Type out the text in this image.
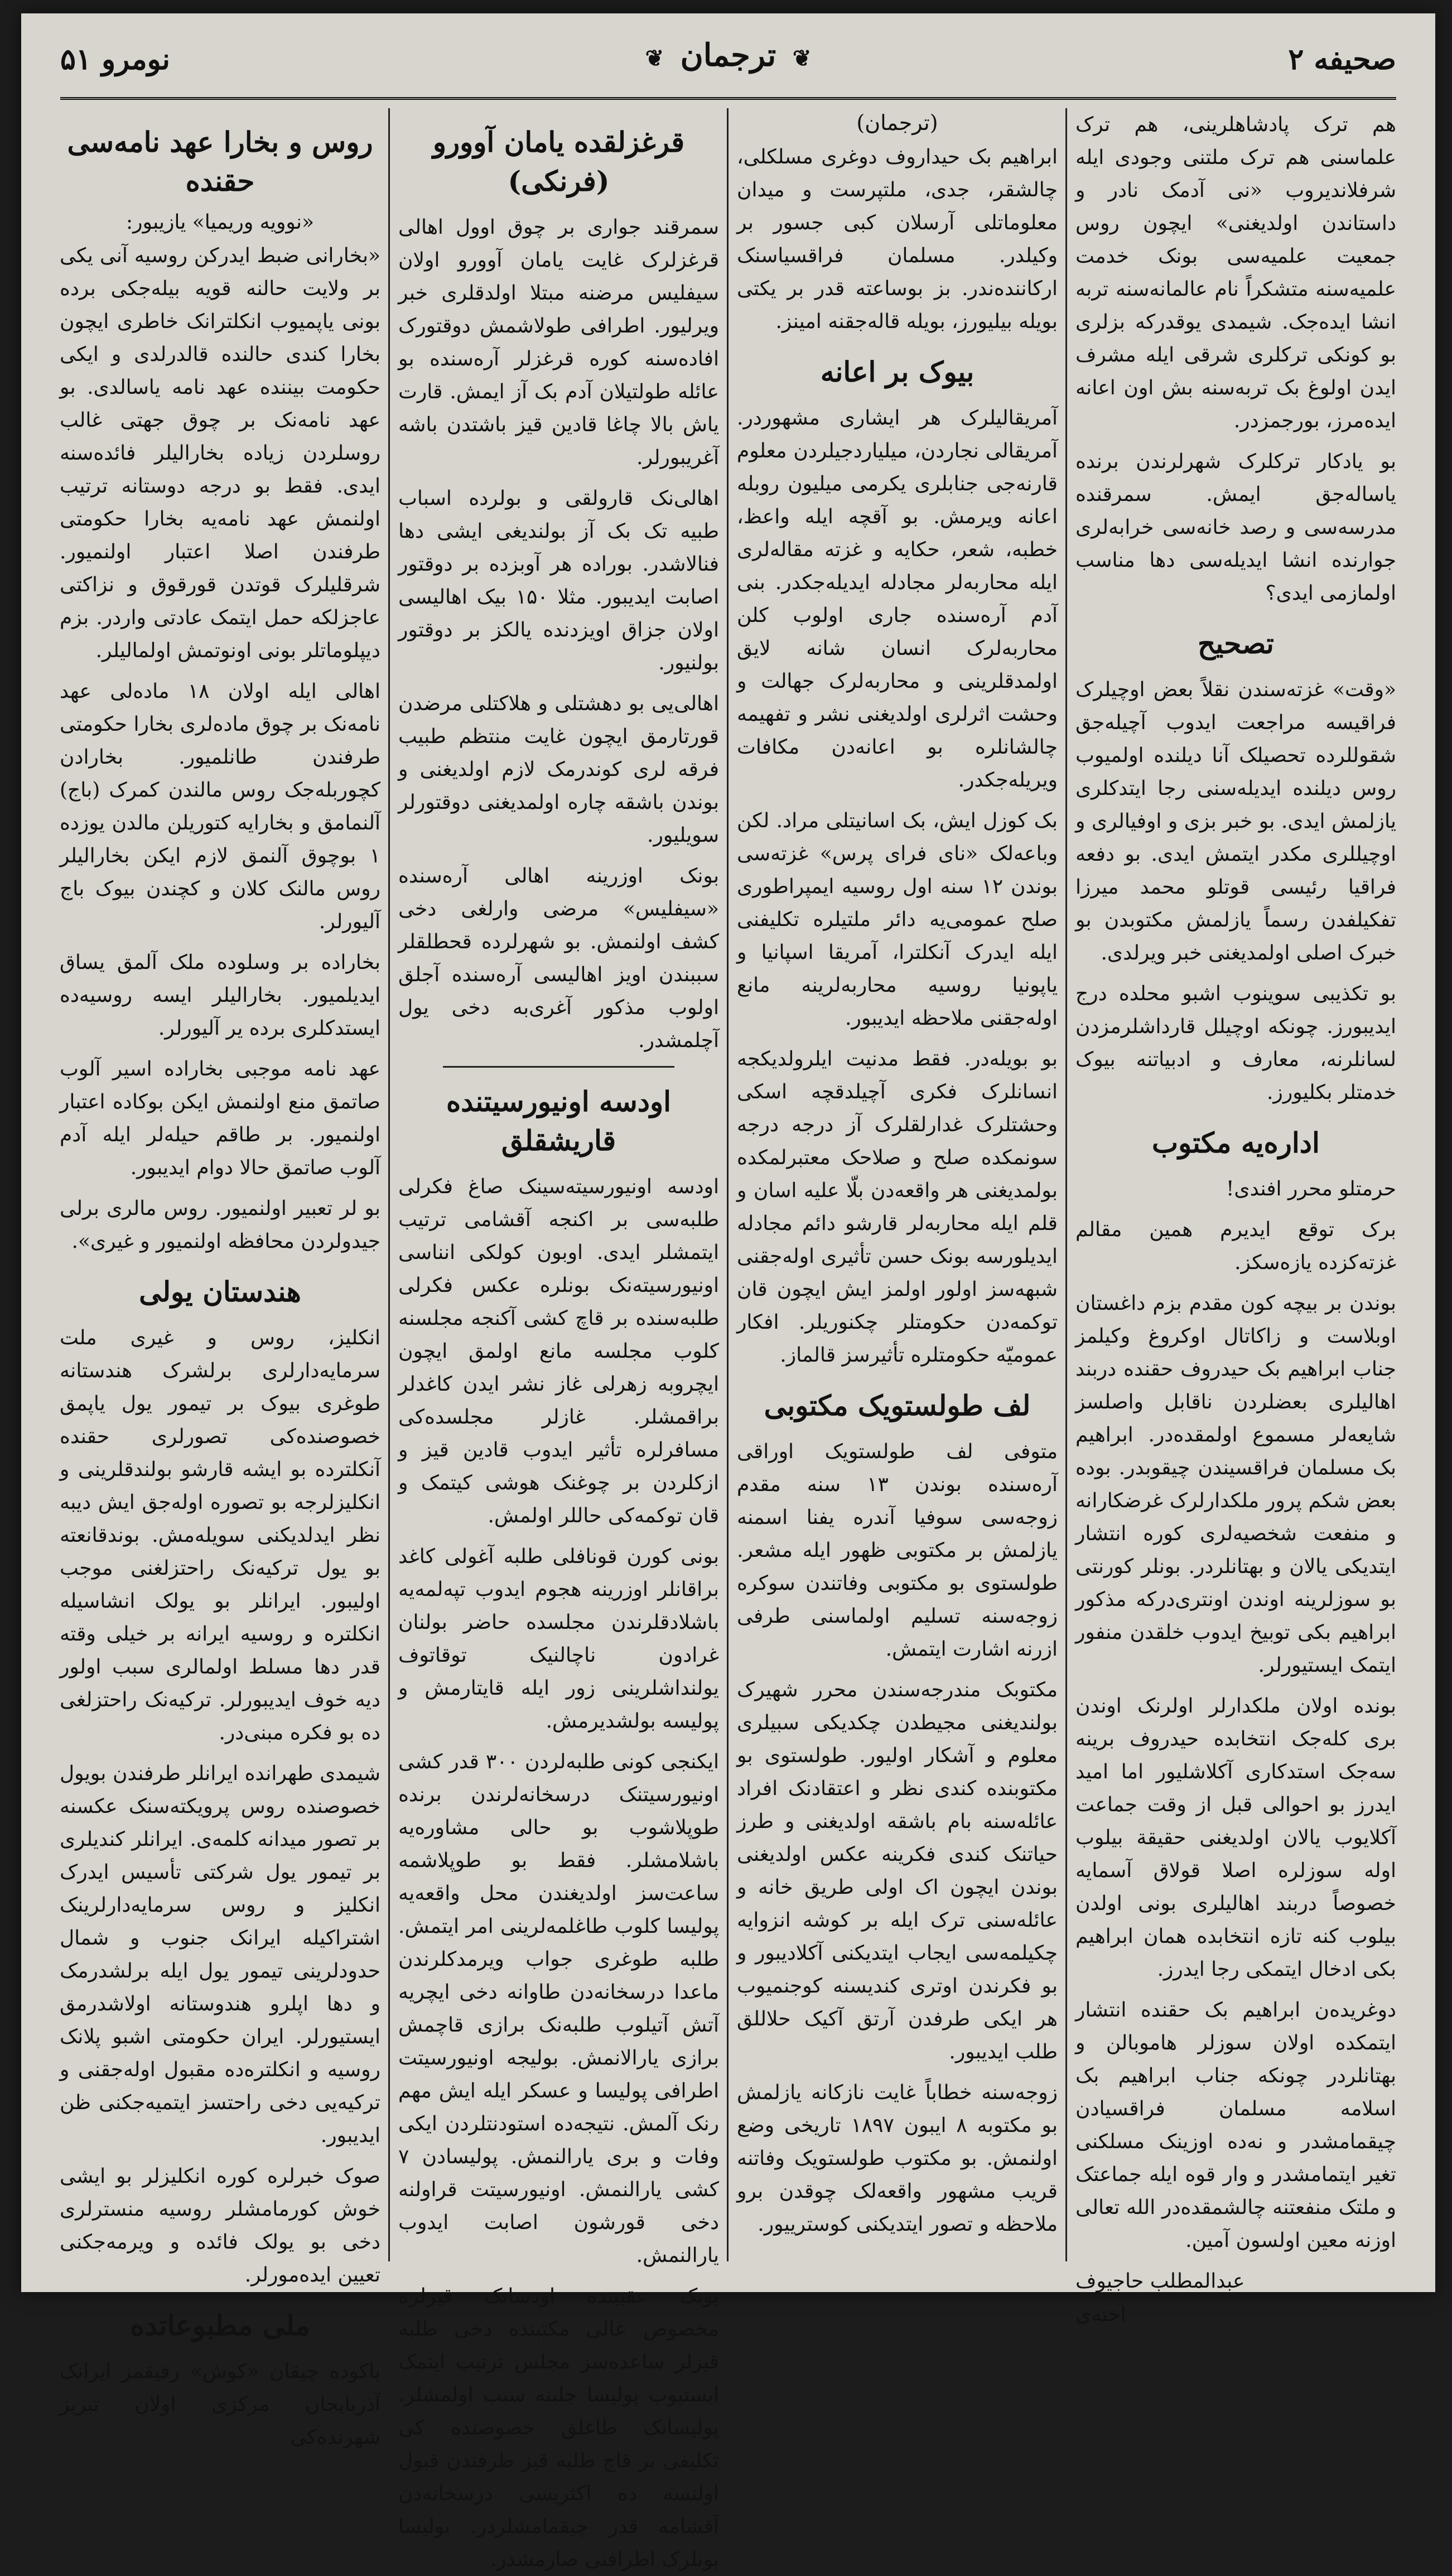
صحیفه ۲
❦ ترجمان ❦
نومرو ۵۱

هم ترک پادشاهلرینی، هم ترک علماسنی هم ترک ملتنی وجودی ایله شرفلاندیروب «نی آدمک نادر و داستاندن اولدیغنی» ایچون روس جمعیت علمیه‌سی بونک خدمت علمیه‌سنه متشکراً نام عالمانه‌سنه تربه انشا ایده‌جک. شیمدی یوقدرکه بزلری بو کونکی ترکلری شرقی ایله مشرف ایدن اولوغ بک تربه‌سنه بش اون اعانه ایده‌مرز، بورجمزدر.

بو یادکار ترکلرک شهرلرندن برنده یاساله‌جق ایمش. سمرقنده مدرسه‌سی و رصد خانه‌سی خرابه‌لری جوارنده انشا ایدیله‌سی دها مناسب اولمازمی ایدی؟

تصحیح

«وقت» غزته‌سندن نقلاً بعض اوچیلرک فراقیسه مراجعت ایدوب آچیله‌جق شقوللرده تحصیلک آنا دیلنده اولمیوب روس دیلنده ایدیله‌سنی رجا ایتدکلری یازلمش ایدی. بو خبر بزی و اوفیالری و اوچیللری مکدر ایتمش ایدی. بو دفعه فراقیا رئیسی قوتلو محمد میرزا تفکیلفدن رسماً یازلمش مکتوبدن بو خبرک اصلی اولمدیغنی خبر ویرلدی.

بو تکذیبی سوینوب اشبو محلده درج ایدیبورز. چونکه اوچیلل قارداشلرمزدن لسانلرنه، معارف و ادبیاتنه بیوک خدمتلر بکلیورز.

اداره‌یه مکتوب

حرمتلو محرر افندی!

برک توقع ایدیرم همین مقالم غزته‌کزده یازه‌سکز.

بوندن بر بیچه کون مقدم بزم داغستان اوبلاست و زاکاتال اوکروغ وکیلمز جناب ابراهیم بک حیدروف حقنده دربند اهالیلری بعضلردن ناقابل واصلسز شایعه‌لر مسموع اولمقده‌در. ابراهیم بک مسلمان فراقسیندن چیقوبدر. بوده بعض شکم پرور ملکدارلرک غرضکارانه و منفعت شخصیه‌لری کوره انتشار ایتدیکی یالان و بهتانلردر. بونلر کورنتی بو سوزلرینه اوندن اونتری‌درکه مذکور ابراهیم بکی توبیخ ایدوب خلقدن منفور ایتمک ایستیورلر.

بونده اولان ملکدارلر اولرنک اوندن بری کله‌جک انتخابده حیدروف برینه سه‌جک استدکاری آکلاشلیور اما امید ایدرز بو احوالی قبل از وقت جماعت آکلایوب یالان اولدیغنی حقیقة بیلوب اوله سوزلره اصلا قولاق آسمایه خصوصاً دربند اهالیلری بونی اولدن بیلوب کنه تازه انتخابده همان ابراهیم بکی ادخال ایتمکی رجا ایدرز.

دوغریده‌ن ابراهیم بک حقنده انتشار ایتمکده اولان سوزلر هاموبالن و بهتانلردر چونکه جناب ابراهیم بک اسلامه مسلمان فراقسیادن چیقمامشدر و نه‌ده اوزینک مسلکنی تغیر ایتمامشدر و وار قوه ایله جماعتک و ملتک منفعتنه چالشمقده‌در الله تعالی اوزنه معین اولسون آمین.

عبدالمطلب حاجیوف
اخته‌ی
(ترجمان)

ابراهیم بک حیداروف دوغری مسلکلی، چالشقر، جدی، ملتپرست و میدان معلوماتلی آرسلان کبی جسور بر وکیلدر. مسلمان فراقسیاسنک ارکاننده‌ندر. بز بوساعته قدر بر یکتی بویله بیلیورز، بویله قاله‌جقنه امینز.

بیوک بر اعانه

آمریقالیلرک هر ایشاری مشهوردر. آمریقالی نجاردن، میلیاردجیلردن معلوم قارنه‌جی جنابلری یکرمی میلیون روبله اعانه ویرمش. بو آقچه ایله واعظ، خطبه، شعر، حکایه و غزته مقاله‌لری ایله محاربه‌لر مجادله ایدیله‌جکدر. بنی آدم آره‌سنده جاری اولوب کلن محاربه‌لرک انسان شانه لایق اولمدقلرینی و محاربه‌لرک جهالت و وحشت اثرلری اولدیغنی نشر و تفهیمه چالشانلره بو اعانه‌دن مکافات ویریله‌جکدر.

بک کوزل ایش، بک اسانیتلی مراد. لکن وباعه‌لک «نای فرای پرس» غزته‌سی بوندن ۱۲ سنه اول روسیه ایمپراطوری صلح عمومی‌یه دائر ملتیلره تکلیفنی ایله ایدرک آنکلترا، آمریقا اسپانیا و یاپونیا روسیه محاربه‌لرینه مانع اوله‌جقنی ملاحظه ایدیبور.

بو بویله‌در. فقط مدنیت ایلرولدیکجه انسانلرک فکری آچیلدقچه اسکی وحشتلرک غدارلقلرک آز درجه درجه سونمکده صلح و صلاحک معتبرلمکده بولمدیغنی هر واقعه‌دن بلّا علیه اسان و قلم ایله محاربه‌لر قارشو دائم مجادله ایدیلورسه بونک حسن تأثیری اوله‌جقنی شبهه‌سز اولور اولمز ایش ایچون قان توکمه‌دن حکومتلر چکنوریلر. افکار عمومیّه حکومتلره تأثیرسز قالماز.

لف طولستویک مکتوبی

متوفی لف طولستویک اوراقی آره‌سنده بوندن ۱۳ سنه مقدم زوجه‌سی سوفیا آندره یفنا اسمنه یازلمش بر مکتوبی ظهور ایله مشعر. طولستوی بو مکتوبی وفاتندن سوکره زوجه‌سنه تسلیم اولماسنی طرفی ازرنه اشارت ایتمش.

مکتوبک مندرجه‌سندن محرر شهیرک بولندیغنی مجیطدن چکدیکی سبیلری معلوم و آشکار اولیور. طولستوی بو مکتوبنده کندی نظر و اعتقادنک افراد عائله‌سنه بام باشقه اولدیغنی و طرز حیاتنک کندی فکرینه عکس اولدیغنی بوندن ایچون اک اولی طریق خانه و عائله‌سنی ترک ایله بر کوشه انزوایه چکیلمه‌سی ایجاب ایتدیکنی آکلادیبور و بو فکرندن اوتری کندیسنه کوجنمیوب هر ایکی طرفدن آرتق آکیک حلاللق طلب ایدیبور.

زوجه‌سنه خطاباً غایت نازکانه یازلمش بو مکتوبه ۸ ایبون ۱۸۹۷ تاریخی وضع اولنمش. بو مکتوب طولستویک وفاتنه قریب مشهور واقعه‌لک چوقدن برو ملاحظه و تصور ایتدیکنی کوسترییور.

قرغزلقده یامان آوورو (فرنکی)

سمرقند جواری بر چوق اوول اهالی قرغزلرک غایت یامان آوورو اولان سیفلیس مرضنه مبتلا اولدقلری خبر ویرلیور. اطرافی طولاشمش دوقتورک افاده‌سنه کوره قرغزلر آره‌سنده بو عائله طولتیلان آدم بک آز ایمش. قارت یاش بالا چاغا قادین قیز باشتدن باشه آغریبورلر.

اهالی‌نک قارولقی و بولرده اسباب طبیه تک بک آز بولندیغی ایشی دها فنالاشدر. بوراده هر آوبزده بر دوقتور اصابت ایدیبور. مثلا ۱۵۰ بیک اهالیسی اولان جزاق اویزدنده یالکز بر دوقتور بولنیور.

اهالی‌یی بو دهشتلی و هلاکتلی مرضدن قورتارمق ایچون غایت منتظم طبیب فرقه لری کوندرمک لازم اولدیغنی و بوندن باشقه چاره اولمدیغنی دوقتورلر سویلیور.

بونک اوزرینه اهالی آره‌سنده «سیفلیس» مرضی وارلغی دخی کشف اولنمش. بو شهرلرده قحطلقلر سببندن اویز اهالیسی آره‌سنده آجلق اولوب مذکور آغری‌به دخی یول آچلمشدر.

اودسه اونیورسیتنده قاریشقلق

اودسه اونیورسیته‌سینک صاغ فکرلی طلبه‌سی بر اکنجه آقشامی ترتیب ایتمشلر ایدی. اوبون کولکی انناسی اونیورسیته‌نک بونلره عکس فکرلی طلبه‌سنده بر قاچ کشی آکنجه مجلسنه کلوب مجلسه مانع اولمق ایچون ایچروبه زهرلی غاز نشر ایدن کاغدلر براقمشلر. غازلر مجلسده‌کی مسافرلره تأثیر ایدوب قادین قیز و ازکلردن بر چوغنک هوشی کیتمک و قان توکمه‌کی حاللر اولمش.

بونی کورن قونافلی طلبه آغولی کاغد براقانلر اوزرینه هجوم ایدوب تپه‌لمه‌یه باشلادقلرندن مجلسده حاضر بولنان غرادون ناچالنیک توقاتوف یولنداشلرینی زور ایله قایتارمش و پولیسه بولشدیرمش.

ایکنجی کونی طلبه‌لردن ۳۰۰ قدر کشی اونیورسیتنک درسخانه‌لرندن برنده طوپلاشوب بو حالی مشاوره‌یه باشلامشلر. فقط بو طوپلاشمه ساعت‌سز اولدیغندن محل واقعه‌یه پولیسا کلوب طاغلمه‌لرینی امر ایتمش. طلبه طوغری جواب ویرمدکلرندن ماعدا درسخانه‌دن طاوانه دخی ایچریه آتش آتیلوب طلبه‌نک برازی قاچمش برازی یارالانمش. بولیجه اونیورسیتت اطرافی پولیسا و عسکر ایله ایش مهم رنک آلمش. نتیجه‌ده استودنتلردن ایکی وفات و بری یارالنمش. پولیسادن ۷ کشی یارالنمش. اونیورسیتت قراولنه دخی قورشون اصابت ایدوب یارالنمش.

بونک عقیبنده اودسانک قیزلره مخصوص عالی مکتبنده دخی طلبه قیزلر ساعده‌سز مجلس ترتیب ایتمک ایستیوب پولیسا جلبنه سبب اولمشلر. پولیسانک طاغلق خصوصنده کی تکلیفی بر قاچ طلبه قیز طرفندن قبول اولنسه ده اکثریسی درسخانه‌دن آقشامه قدر چیقمامشلردر. بولیسا بونلرک اطرافنی صارمشدر.

روس و بخارا عهد نامه‌سی حقنده
«نوویه وریمیا» یازیبور:

«بخارانی ضبط ایدرکن روسیه آنی یکی بر ولایت حالنه قویه بیله‌جکی برده بونی یاپمیوب انکلترانک خاطری ایچون بخارا کندی حالنده قالدرلدی و ایکی حکومت بیننده عهد نامه یاسالدی. بو عهد نامه‌نک بر چوق جهتی غالب روسلردن زیاده بخارالیلر فائده‌سنه ایدی. فقط بو درجه دوستانه ترتیب اولنمش عهد نامه‌یه بخارا حکومتی طرفندن اصلا اعتبار اولنمیور. شرقلیلرک قوتدن قورقوق و نزاکتی عاجزلکه حمل ایتمک عادتی واردر. بزم دیپلوماتلر بونی اونوتمش اولمالیلر.

اهالی ایله اولان ۱۸ ماده‌لی عهد نامه‌نک بر چوق ماده‌لری بخارا حکومتی طرفندن طانلمیور. بخارادن کچوربله‌جک روس مالندن کمرک (باج) آلنمامق و بخارایه کتوریلن مالدن یوزده ۱ بوچوق آلنمق لازم ایکن بخارالیلر روس مالنک کلان و کچندن بیوک باج آلیورلر.

بخاراده بر وسلوده ملک آلمق یساق ایدیلمیور. بخارالیلر ایسه روسیه‌ده ایستدکلری برده یر آلیورلر.

عهد نامه موجبی بخاراده اسیر آلوب صاتمق منع اولنمش ایکن بوکاده اعتبار اولنمیور. بر طاقم حیله‌لر ایله آدم آلوب صاتمق حالا دوام ایدیبور.

بو لر تعبیر اولنمیور. روس مالری برلی جیدولردن محافظه اولنمیور و غیری».

هندستان یولی

انکلیز، روس و غیری ملت سرمایه‌دارلری برلشرک هندستانه طوغری بیوک بر تیمور یول یاپمق خصوصنده‌کی تصورلری حقنده آنکلترده بو ایشه قارشو بولندقلرینی و انکلیزلرجه بو تصوره اوله‌جق ایش دیبه نظر ایدلدیکنی سویله‌مش. بوندقانعته بو یول ترکیه‌نک راحتزلغنی موجب اولیبور. ایرانلر بو یولک انشاسیله انکلتره و روسیه ایرانه بر خیلی وقته قدر دها مسلط اولمالری سبب اولور دیه خوف ایدیبورلر. ترکیه‌نک راحتزلغی ده بو فکره مبنی‌در.

شیمدی طهرانده ایرانلر طرفندن بویول خصوصنده روس پرویکته‌سنک عکسنه بر تصور میدانه کلمه‌ی. ایرانلر کندیلری بر تیمور یول شرکتی تأسیس ایدرک انکلیز و روس سرمایه‌دارلرینک اشتراکیله ایرانک جنوب و شمال حدودلرینی تیمور یول ایله برلشدرمک و دها اپلرو هندوستانه اولاشدرمق ایستیورلر. ایران حکومتی اشبو پلانک روسیه و انکلتره‌ده مقبول اوله‌جقنی و ترکیه‌یی دخی راحتسز ایتمیه‌جکنی ظن ایدیبور.

صوک خبرلره کوره انکلیزلر بو ایشی خوش کورمامشلر روسیه منسترلری دخی بو یولک فائده و ویرمه‌جکنی تعیین ایده‌مورلر.

ملی مطبوعاتده

باکوده چیقان «کوش» رفیقمز ایرانک آذربایجان مرکزی اولان تبریز شهرنده‌کی
